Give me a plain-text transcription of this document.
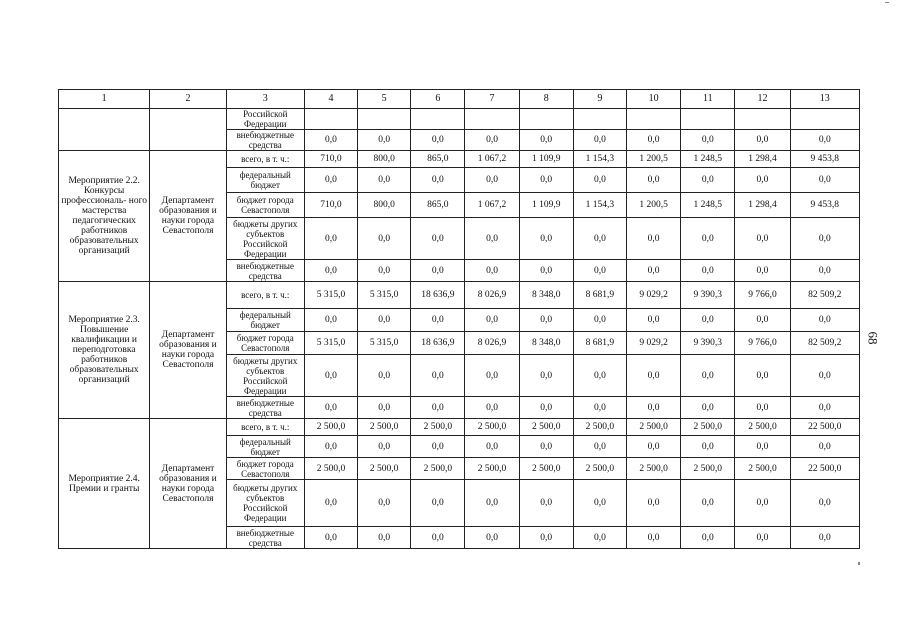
1	2	3	4	5	6	7	8	9	10	11	12	13
		Российской Федерации										
		внебюджетные средства	0,0	0,0	0,0	0,0	0,0	0,0	0,0	0,0	0,0	0,0
Мероприятие 2.2. Конкурсы профессиональ- ного мастерства педагогических работников образовательных организаций	Департамент образования и науки города Севастополя	всего, в т. ч.:	710,0	800,0	865,0	1 067,2	1 109,9	1 154,3	1 200,5	1 248,5	1 298,4	9 453,8
		федеральный бюджет	0,0	0,0	0,0	0,0	0,0	0,0	0,0	0,0	0,0	0,0
		бюджет города Севастополя	710,0	800,0	865,0	1 067,2	1 109,9	1 154,3	1 200,5	1 248,5	1 298,4	9 453,8
		бюджеты других субъектов Российской Федерации	0,0	0,0	0,0	0,0	0,0	0,0	0,0	0,0	0,0	0,0
		внебюджетные средства	0,0	0,0	0,0	0,0	0,0	0,0	0,0	0,0	0,0	0,0
Мероприятие 2.3. Повышение квалификации и переподготовка работников образовательных организаций	Департамент образования и науки города Севастополя	всего, в т. ч.:	5 315,0	5 315,0	18 636,9	8 026,9	8 348,0	8 681,9	9 029,2	9 390,3	9 766,0	82 509,2
		федеральный бюджет	0,0	0,0	0,0	0,0	0,0	0,0	0,0	0,0	0,0	0,0
		бюджет города Севастополя	5 315,0	5 315,0	18 636,9	8 026,9	8 348,0	8 681,9	9 029,2	9 390,3	9 766,0	82 509,2
		бюджеты других субъектов Российской Федерации	0,0	0,0	0,0	0,0	0,0	0,0	0,0	0,0	0,0	0,0
		внебюджетные средства	0,0	0,0	0,0	0,0	0,0	0,0	0,0	0,0	0,0	0,0
Мероприятие 2.4. Премии и гранты	Департамент образования и науки города Севастополя	всего, в т. ч.:	2 500,0	2 500,0	2 500,0	2 500,0	2 500,0	2 500,0	2 500,0	2 500,0	2 500,0	22 500,0
		федеральный бюджет	0,0	0,0	0,0	0,0	0,0	0,0	0,0	0,0	0,0	0,0
		бюджет города Севастополя	2 500,0	2 500,0	2 500,0	2 500,0	2 500,0	2 500,0	2 500,0	2 500,0	2 500,0	22 500,0
		бюджеты других субъектов Российской Федерации	0,0	0,0	0,0	0,0	0,0	0,0	0,0	0,0	0,0	0,0
		внебюджетные средства	0,0	0,0	0,0	0,0	0,0	0,0	0,0	0,0	0,0	0,0
68
